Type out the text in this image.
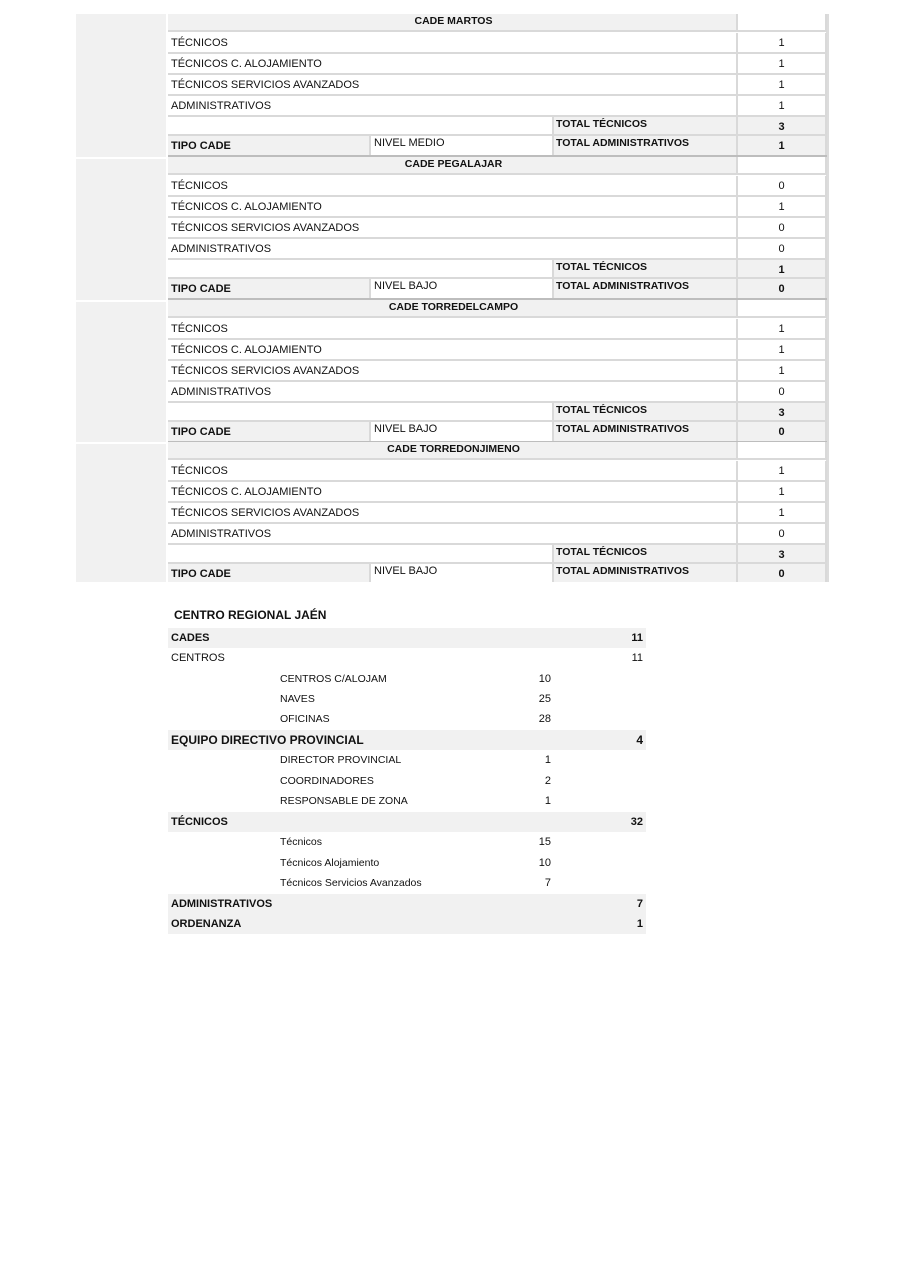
CADE MARTOS
TÉCNICOS	1
TÉCNICOS C. ALOJAMIENTO	1
TÉCNICOS SERVICIOS AVANZADOS	1
ADMINISTRATIVOS	1
TOTAL TÉCNICOS	3
TIPO CADE	NIVEL MEDIO	TOTAL ADMINISTRATIVOS	1
CADE PEGALAJAR
TÉCNICOS	0
TÉCNICOS C. ALOJAMIENTO	1
TÉCNICOS SERVICIOS AVANZADOS	0
ADMINISTRATIVOS	0
TOTAL TÉCNICOS	1
TIPO CADE	NIVEL BAJO	TOTAL ADMINISTRATIVOS	0
CADE TORREDELCAMPO
TÉCNICOS	1
TÉCNICOS C. ALOJAMIENTO	1
TÉCNICOS SERVICIOS AVANZADOS	1
ADMINISTRATIVOS	0
TOTAL TÉCNICOS	3
TIPO CADE	NIVEL BAJO	TOTAL ADMINISTRATIVOS	0
CADE TORREDONJIMENO
TÉCNICOS	1
TÉCNICOS C. ALOJAMIENTO	1
TÉCNICOS SERVICIOS AVANZADOS	1
ADMINISTRATIVOS	0
TOTAL TÉCNICOS	3
TIPO CADE	NIVEL BAJO	TOTAL ADMINISTRATIVOS	0
CENTRO REGIONAL JAÉN
CADES	11
CENTROS	11
CENTROS C/ALOJAM	10
NAVES	25
OFICINAS	28
EQUIPO DIRECTIVO PROVINCIAL	4
DIRECTOR PROVINCIAL	1
COORDINADORES	2
RESPONSABLE DE ZONA	1
TÉCNICOS	32
Técnicos	15
Técnicos Alojamiento	10
Técnicos Servicios Avanzados	7
ADMINISTRATIVOS	7
ORDENANZA	1
